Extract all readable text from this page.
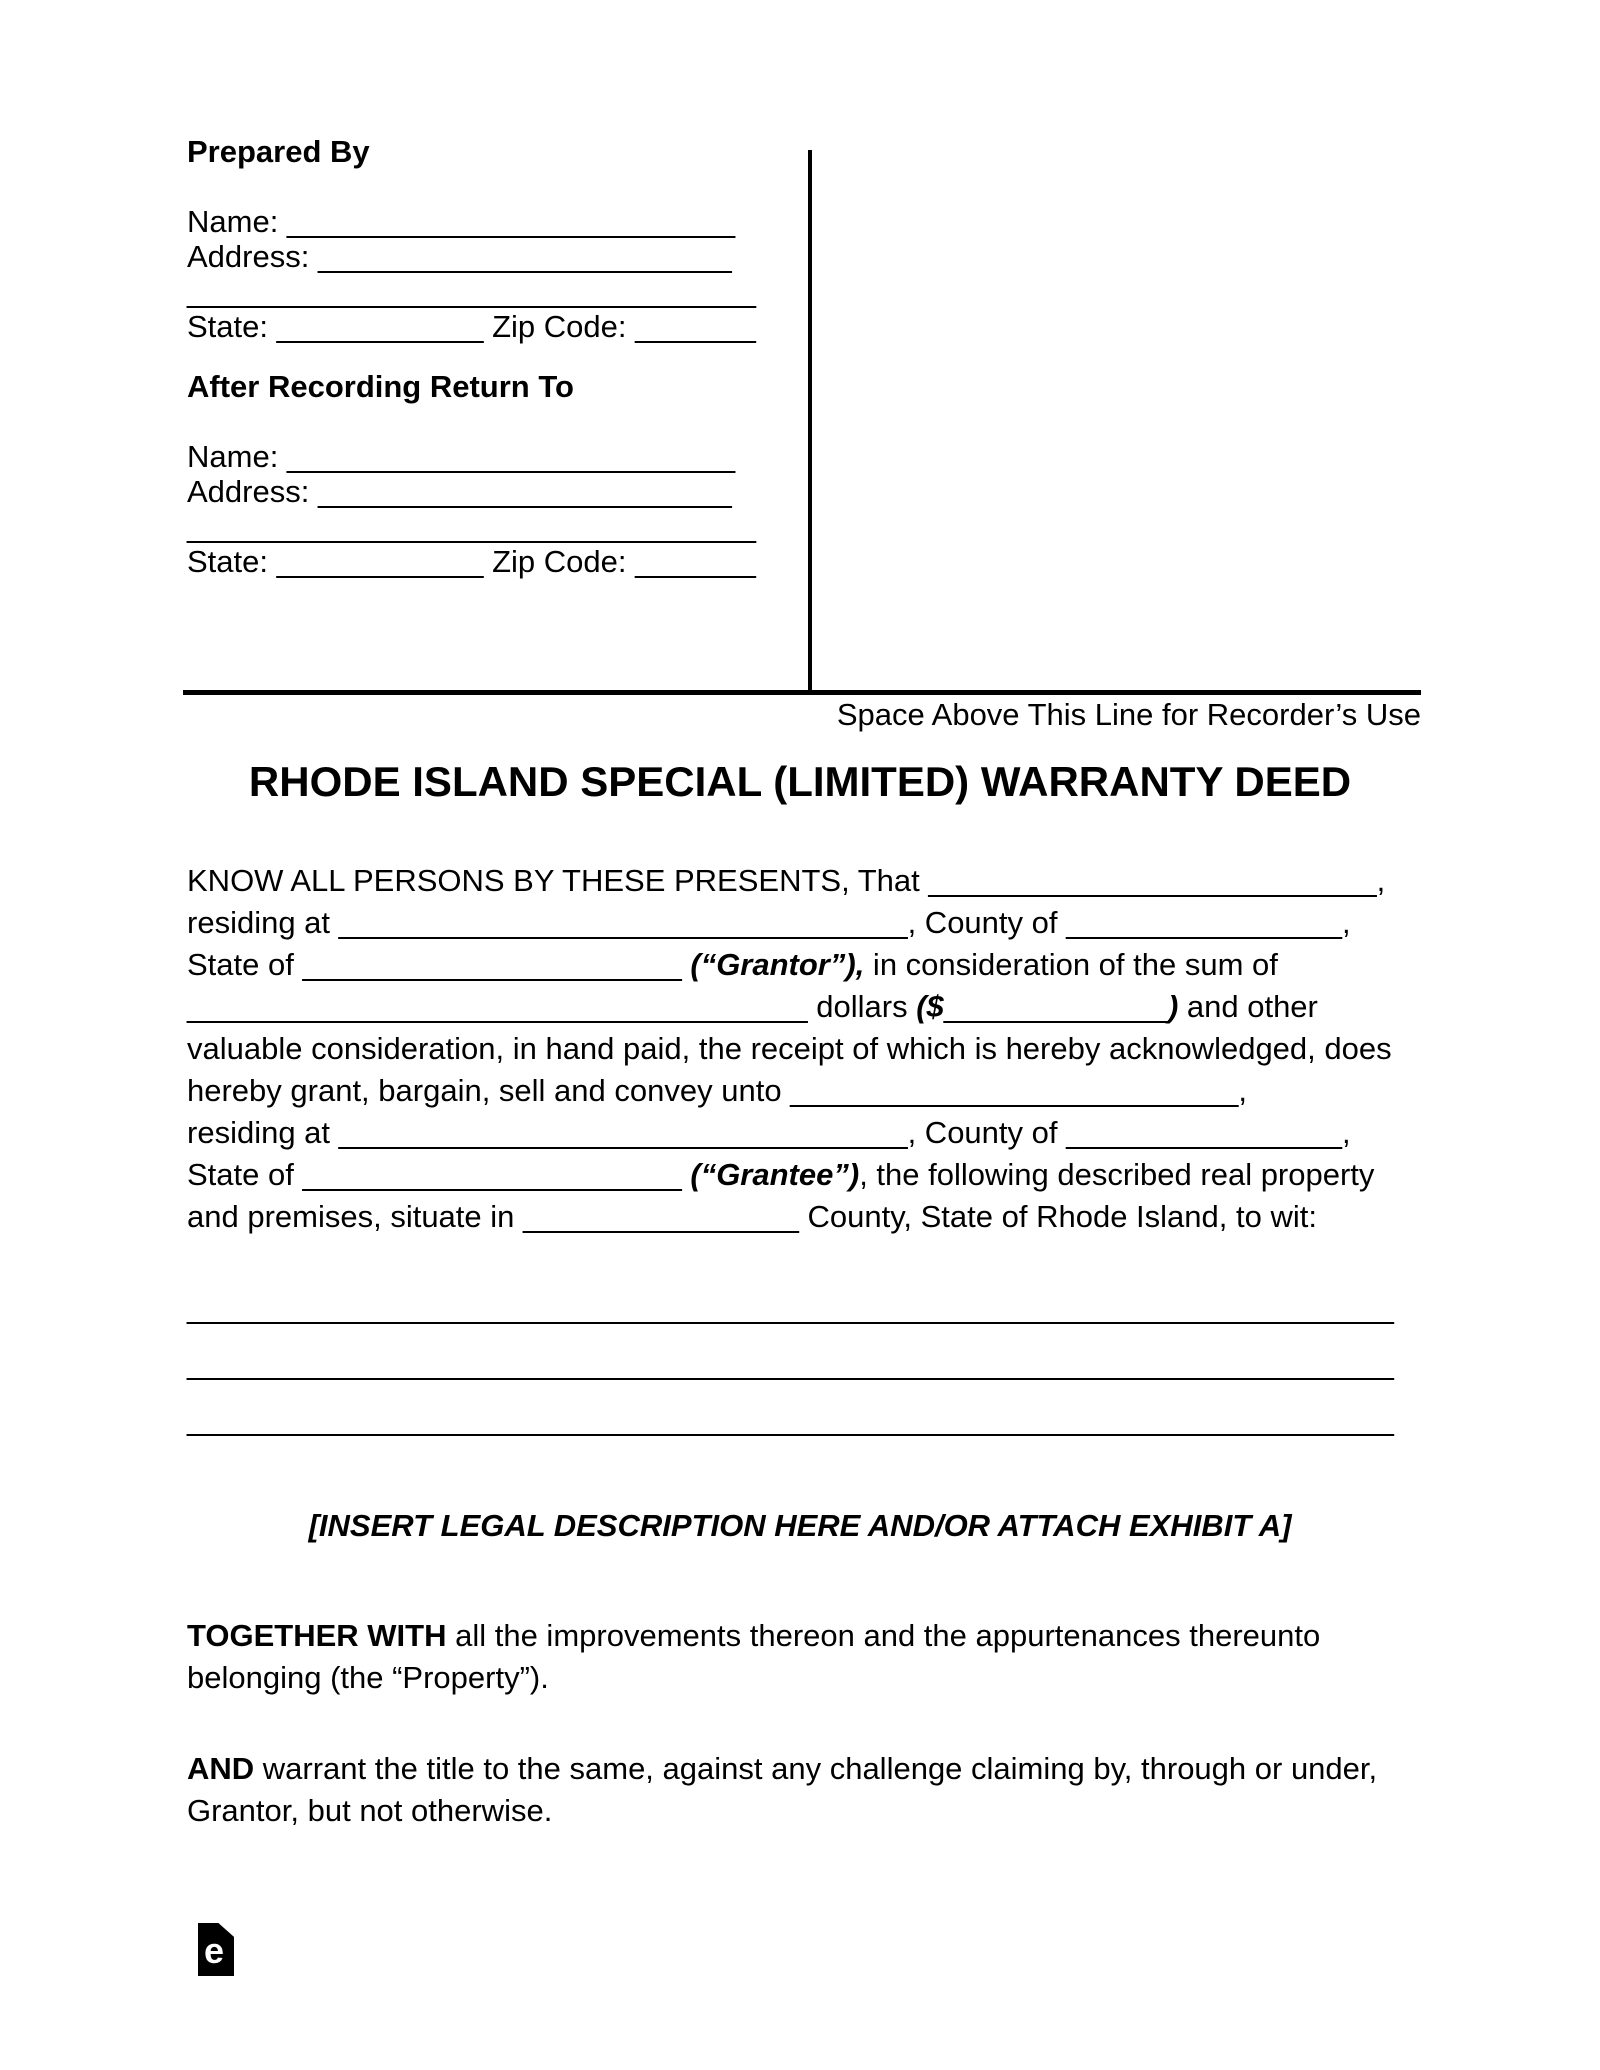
Prepared By
Name: __________________________
Address: ________________________
_________________________________
State: ____________ Zip Code: _______
After Recording Return To
Name: __________________________
Address: ________________________
_________________________________
State: ____________ Zip Code: _______
Space Above This Line for Recorder’s Use
RHODE ISLAND SPECIAL (LIMITED) WARRANTY DEED
KNOW ALL PERSONS BY THESE PRESENTS, That __________________________,
residing at _________________________________, County of ________________,
State of ______________________ (“Grantor”), in consideration of the sum of
____________________________________ dollars ($_____________) and other
valuable consideration, in hand paid, the receipt of which is hereby acknowledged, does
hereby grant, bargain, sell and convey unto __________________________,
residing at _________________________________, County of ________________,
State of ______________________ (“Grantee”), the following described real property
and premises, situate in ________________ County, State of Rhode Island, to wit:
______________________________________________________________________
______________________________________________________________________
______________________________________________________________________
[INSERT LEGAL DESCRIPTION HERE AND/OR ATTACH EXHIBIT A]
TOGETHER WITH all the improvements thereon and the appurtenances thereunto
belonging (the “Property”).
AND warrant the title to the same, against any challenge claiming by, through or under,
Grantor, but not otherwise.
e
